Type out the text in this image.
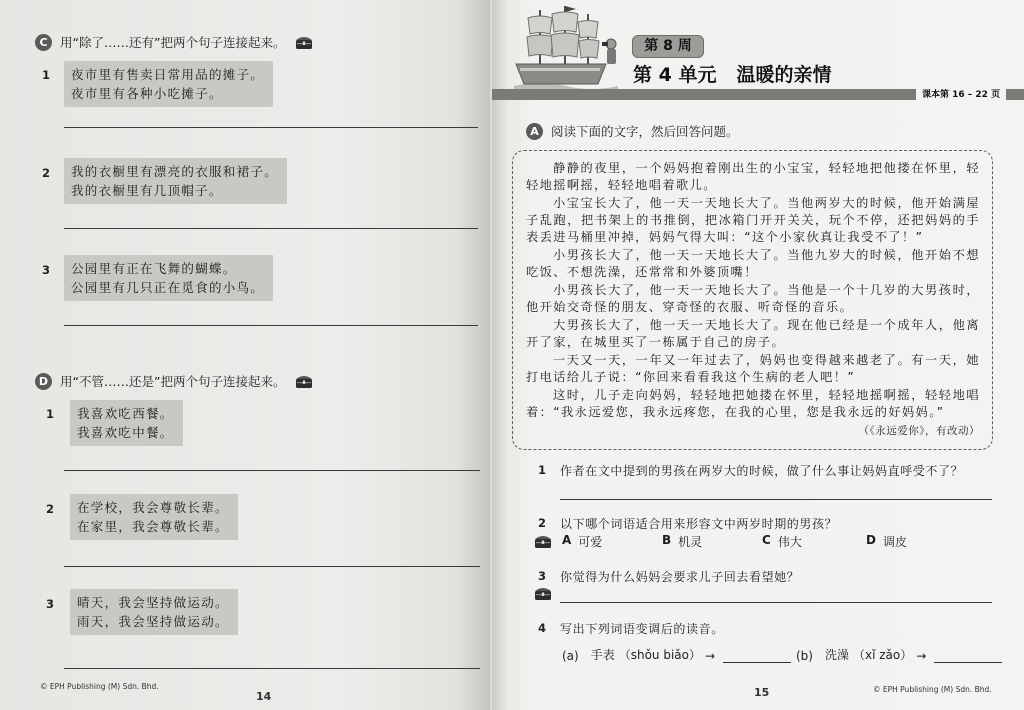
C 用“除了……还有”把两个句子连接起来。
1 夜市里有售卖日常用品的摊子。
夜市里有各种小吃摊子。
2 我的衣橱里有漂亮的衣服和裙子。
我的衣橱里有几顶帽子。
3 公园里有正在飞舞的蝴蝶。
公园里有几只正在觅食的小鸟。
D 用“不管……还是”把两个句子连接起来。
1 我喜欢吃西餐。
我喜欢吃中餐。
2 在学校，我会尊敬长辈。
在家里，我会尊敬长辈。
3 晴天，我会坚持做运动。
雨天，我会坚持做运动。
© EPH Publishing (M) Sdn. Bhd.
14
第 8 周
第 4 单元 温暖的亲情
课本第 16 – 22 页
A 阅读下面的文字，然后回答问题。

静静的夜里，一个妈妈抱着刚出生的小宝宝，轻轻地把他搂在怀里，轻轻地摇啊摇，轻轻地唱着歌儿。

小宝宝长大了，他一天一天地长大了。当他两岁大的时候，他开始满屋子乱跑，把书架上的书推倒，把冰箱门开开关关，玩个不停，还把妈妈的手表丢进马桶里冲掉，妈妈气得大叫：“这个小家伙真让我受不了！”

小男孩长大了，他一天一天地长大了。当他九岁大的时候，他开始不想吃饭、不想洗澡，还常常和外婆顶嘴！

小男孩长大了，他一天一天地长大了。当他是一个十几岁的大男孩时，他开始交奇怪的朋友、穿奇怪的衣服、听奇怪的音乐。

大男孩长大了，他一天一天地长大了。现在他已经是一个成年人，他离开了家，在城里买了一栋属于自己的房子。

一天又一天，一年又一年过去了，妈妈也变得越来越老了。有一天，她打电话给儿子说：“你回来看看我这个生病的老人吧！”

这时，儿子走向妈妈，轻轻地把她搂在怀里，轻轻地摇啊摇，轻轻地唱着：“我永远爱您，我永远疼您，在我的心里，您是我永远的好妈妈。”

（《永远爱你》，有改动）

1 作者在文中提到的男孩在两岁大的时候，做了什么事让妈妈直呼受不了？
2 以下哪个词语适合用来形容文中两岁时期的男孩？
A 可爱	B 机灵	C 伟大	D 调皮
3 你觉得为什么妈妈会要求儿子回去看望她？
4 写出下列词语变调后的读音。
(a) 手表 （shǒu biǎo） →	(b) 洗澡 （xǐ zǎo） →
15	© EPH Publishing (M) Sdn. Bhd.
